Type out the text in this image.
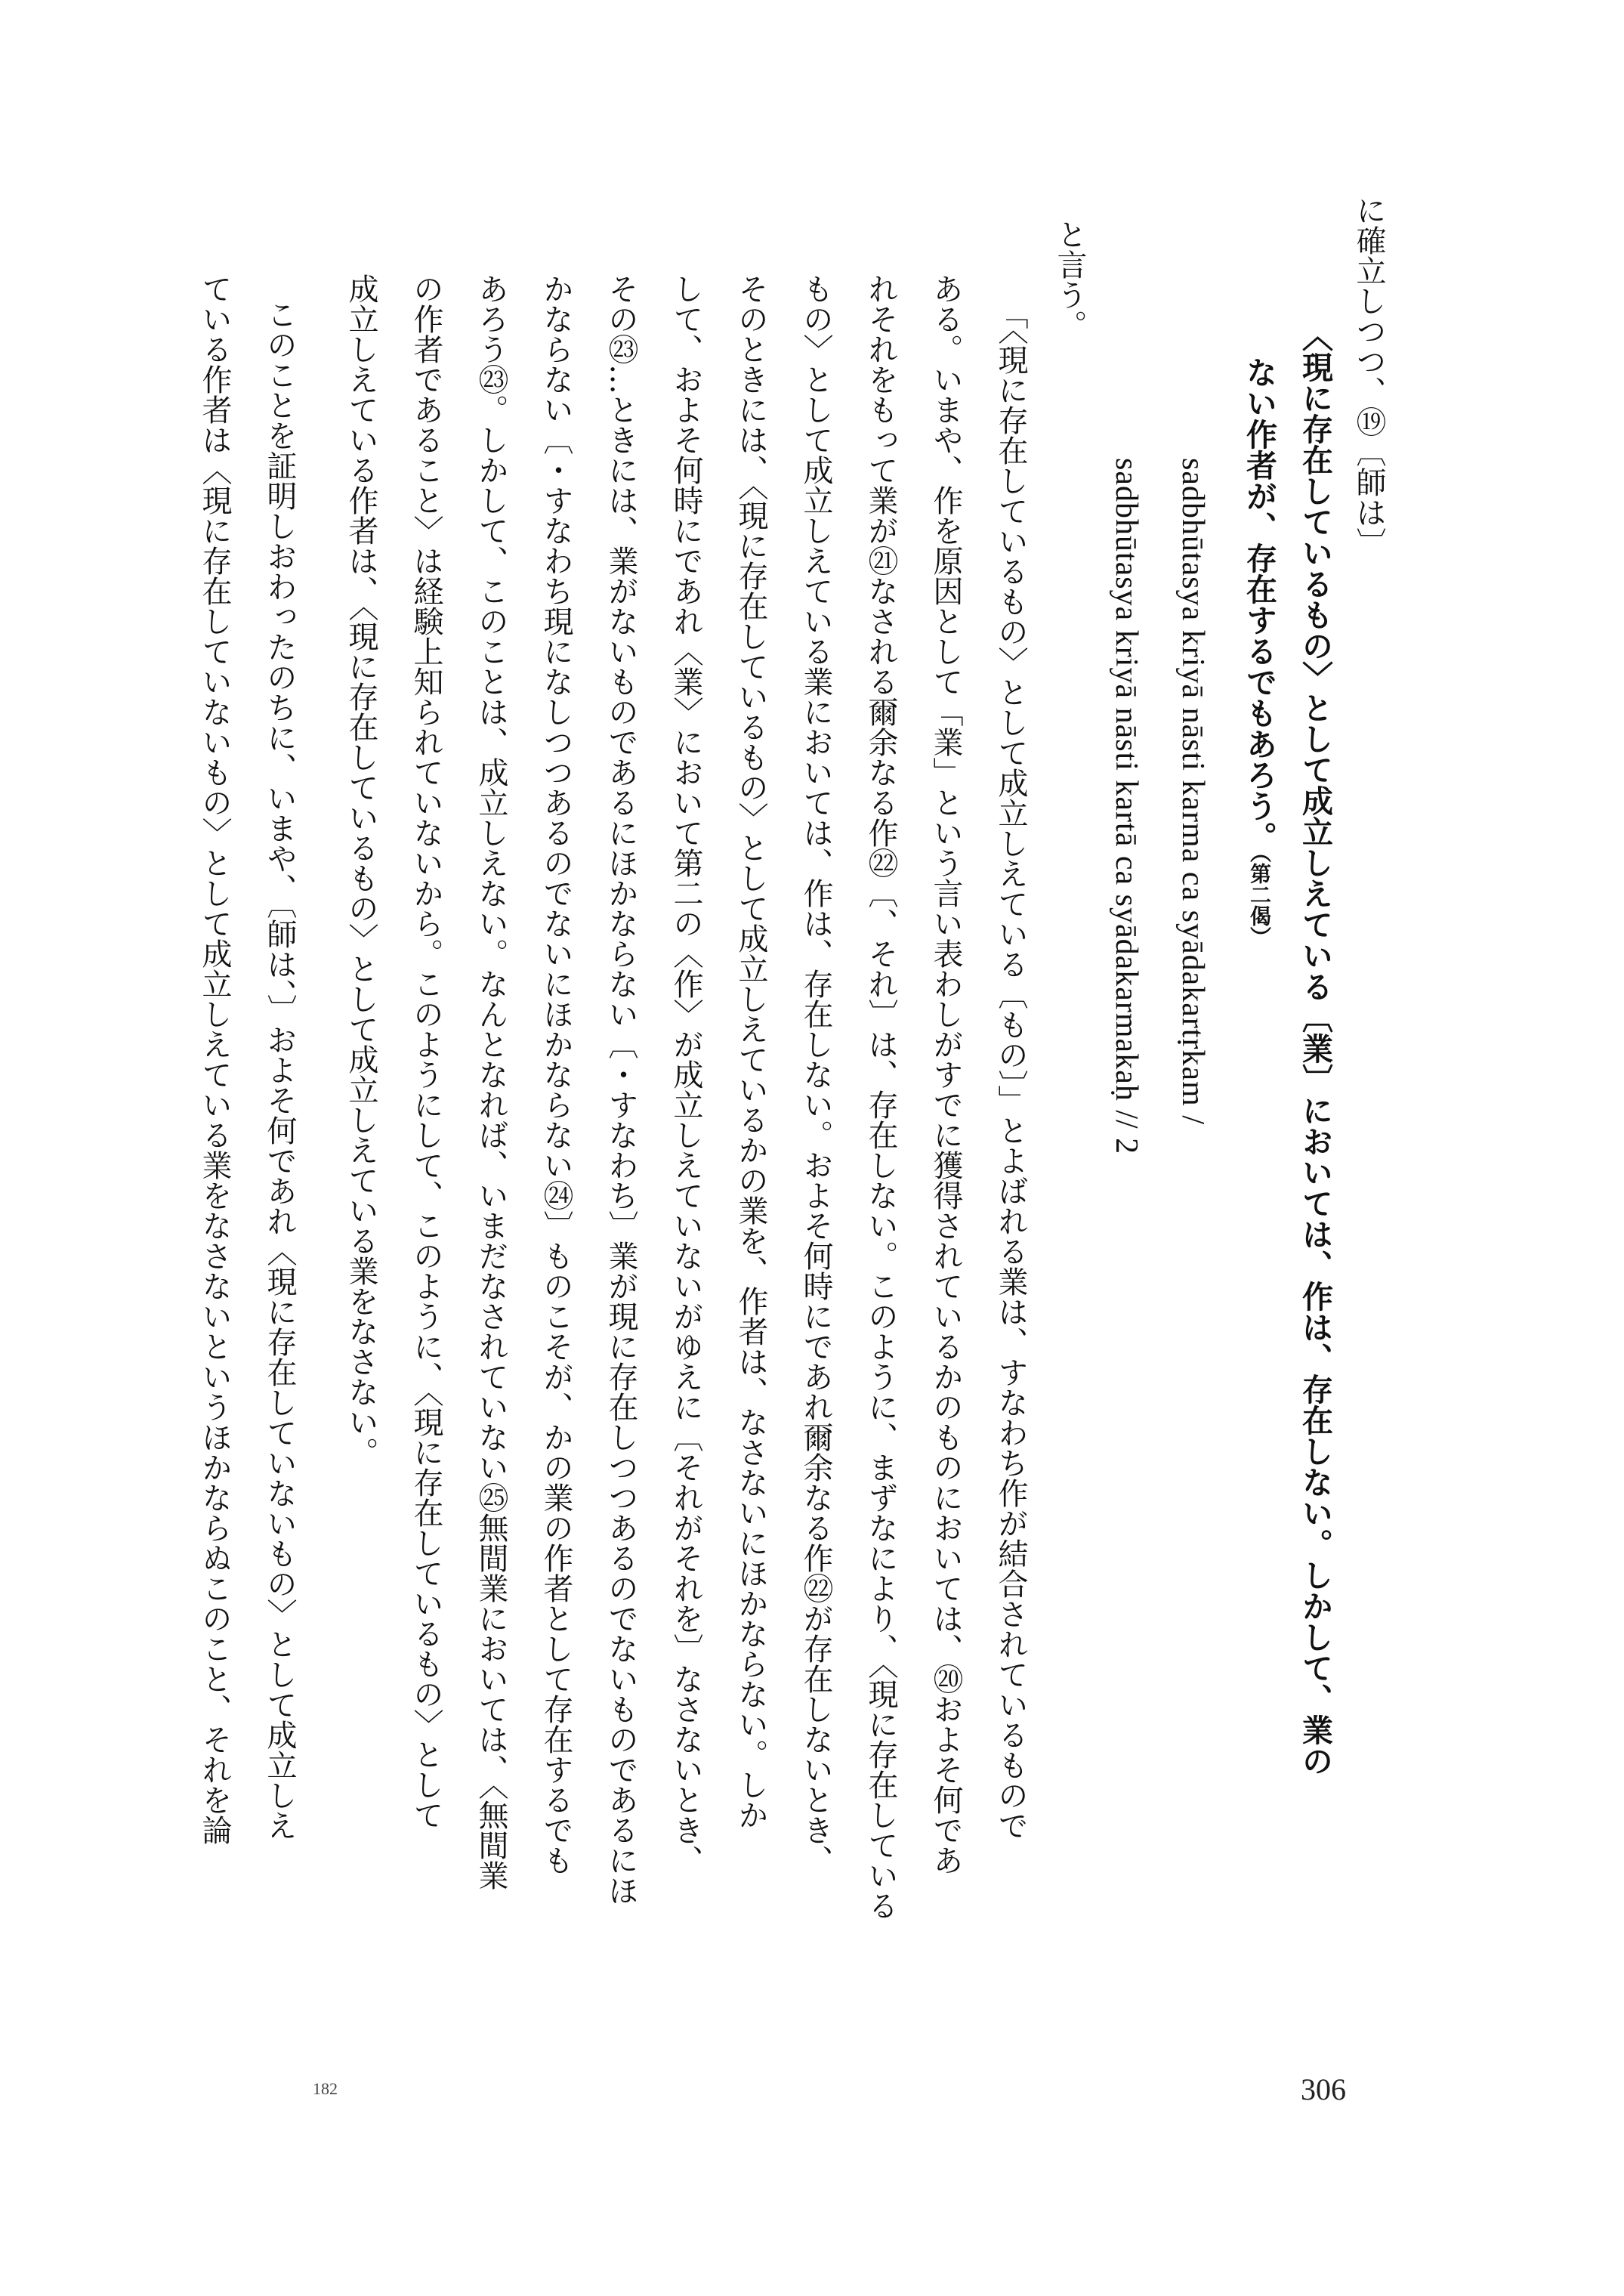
に確立しつつ、⑲〔師は〕
〈現に存在しているもの〉として成立しえている〔業〕においては、作は、存在しない。しかして、業の
ない作者が、存在するでもあろう。（第二偈）
sadbhūtasya kriyā nāsti karma ca syādakartṛkam /
sadbhūtasya kriyā nāsti kartā ca syādakarmakaḥ // 2
と言う。
「〈現に存在しているもの〉として成立しえている〔もの〕」とよばれる業は、すなわち作が結合されているもので
ある。いまや、作を原因として「業」という言い表わしがすでに獲得されているかのものにおいては、⑳およそ何であ
れそれをもって業が㉑なされる爾余なる作㉒〔、それ〕は、存在しない。このように、まずなにより、〈現に存在している
もの〉として成立しえている業においては、作は、存在しない。およそ何時にであれ爾余なる作㉒が存在しないとき、
そのときには、〈現に存在しているもの〉として成立しえているかの業を、作者は、なさないにほかならない。しか
して、およそ何時にであれ〈業〉において第二の〈作〉が成立しえていないがゆえに〔それがそれを〕なさないとき、
その㉓…ときには、業がないものであるにほかならない〔・すなわち〕業が現に存在しつつあるのでないものであるにほ
かならない〔・すなわち現になしつつあるのでないにほかならない㉔〕ものこそが、かの業の作者として存在するでも
あろう㉓。しかして、このことは、成立しえない。なんとなれば、いまだなされていない㉕無間業においては、〈無間業
の作者であること〉は経験上知られていないから。このようにして、このように、〈現に存在しているもの〉として
成立しえている作者は、〈現に存在しているもの〉として成立しえている業をなさない。
このことを証明しおわったのちに、いまや、〔師は、〕およそ何であれ〈現に存在していないもの〉として成立しえ
ている作者は〈現に存在していないもの〉として成立しえている業をなさないというほかならぬこのこと、それを論
306
182
